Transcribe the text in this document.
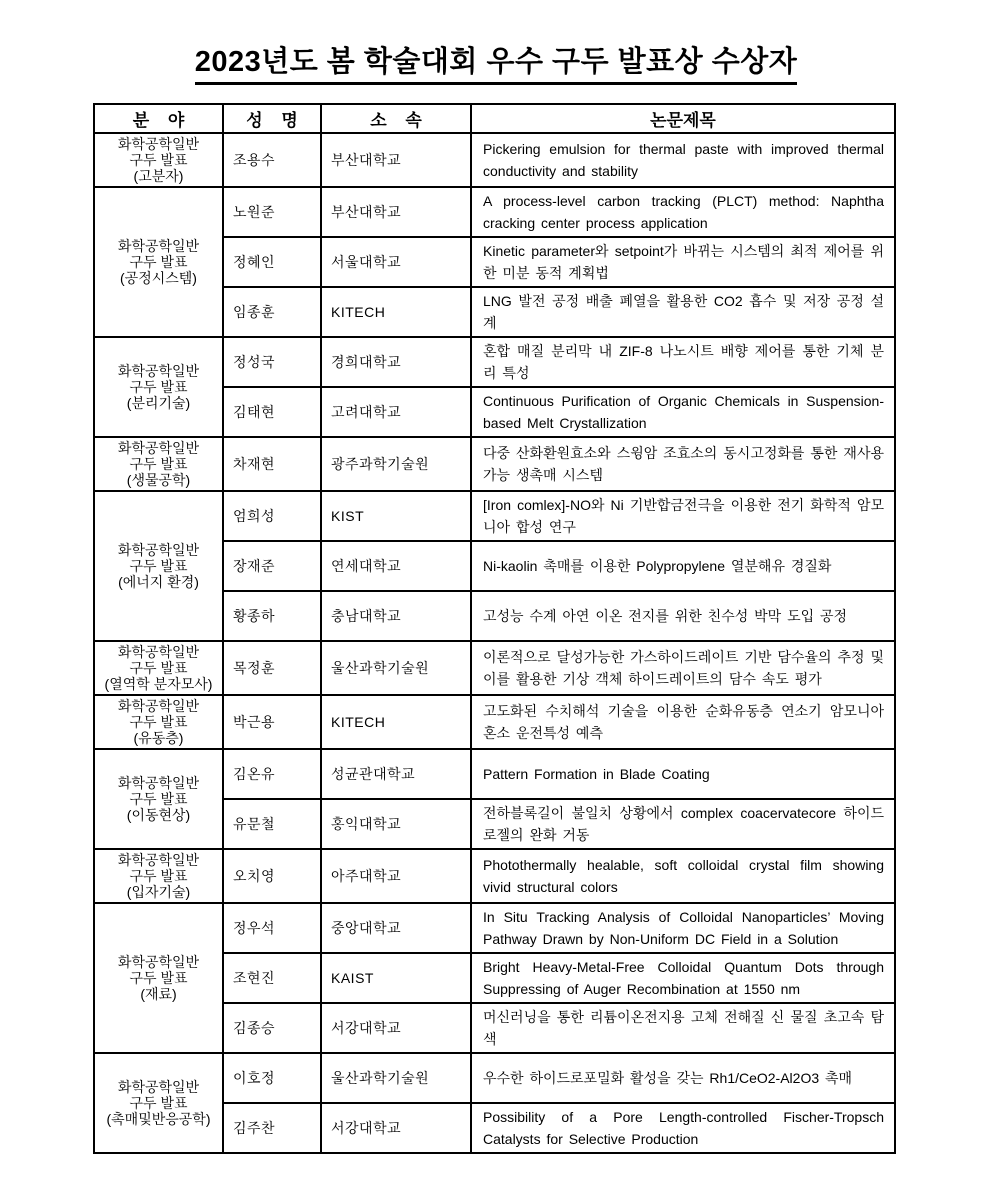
2023년도 봄 학술대회 우수 구두 발표상 수상자
분 야	성 명	소 속	논문제목

화학공학일반
구두 발표
(고분자)	조용수	부산대학교	Pickering emulsion for thermal paste with improved thermal conductivity and stability

화학공학일반
구두 발표
(공정시스템)	노원준	부산대학교	A process-level carbon tracking (PLCT) method: Naphtha cracking center process application
	정혜인	서울대학교	Kinetic parameter와 setpoint가 바뀌는 시스템의 최적 제어를 위한 미분 동적 계획법
	임종훈	KITECH	LNG 발전 공정 배출 폐열을 활용한 CO2 흡수 및 저장 공정 설계

화학공학일반
구두 발표
(분리기술)	정성국	경희대학교	혼합 매질 분리막 내 ZIF-8 나노시트 배향 제어를 통한 기체 분리 특성
	김태현	고려대학교	Continuous Purification of Organic Chemicals in Suspension-based Melt Crystallization

화학공학일반
구두 발표
(생물공학)	차재현	광주과학기술원	다중 산화환원효소와 스윙암 조효소의 동시고정화를 통한 재사용 가능 생촉매 시스템

화학공학일반
구두 발표
(에너지 환경)	엄희성	KIST	[Iron comlex]-NO와 Ni 기반합금전극을 이용한 전기 화학적 암모니아 합성 연구
	장재준	연세대학교	Ni-kaolin 촉매를 이용한 Polypropylene 열분해유 경질화
	황종하	충남대학교	고성능 수계 아연 이온 전지를 위한 친수성 박막 도입 공정

화학공학일반
구두 발표
(열역학 분자모사)	목정훈	울산과학기술원	이론적으로 달성가능한 가스하이드레이트 기반 담수율의 추정 및 이를 활용한 기상 객체 하이드레이트의 담수 속도 평가

화학공학일반
구두 발표
(유동층)	박근용	KITECH	고도화된 수치해석 기술을 이용한 순화유동층 연소기 암모니아 혼소 운전특성 예측

화학공학일반
구두 발표
(이동현상)	김온유	성균관대학교	Pattern Formation in Blade Coating
	유문철	홍익대학교	전하블록길이 불일치 상황에서 complex coacervatecore 하이드로젤의 완화 거동

화학공학일반
구두 발표
(입자기술)	오치영	아주대학교	Photothermally healable, soft colloidal crystal film showing vivid structural colors

화학공학일반
구두 발표
(재료)	정우석	중앙대학교	In Situ Tracking Analysis of Colloidal Nanoparticles’ Moving Pathway Drawn by Non-Uniform DC Field in a Solution
	조현진	KAIST	Bright Heavy-Metal-Free Colloidal Quantum Dots through Suppressing of Auger Recombination at 1550 nm
	김종승	서강대학교	머신러닝을 통한 리튬이온전지용 고체 전해질 신 물질 초고속 탐색

화학공학일반
구두 발표
(촉매및반응공학)	이호정	울산과학기술원	우수한 하이드로포밀화 활성을 갖는 Rh1/CeO2-Al2O3 촉매
	김주찬	서강대학교	Possibility of a Pore Length-controlled Fischer-Tropsch Catalysts for Selective Production
